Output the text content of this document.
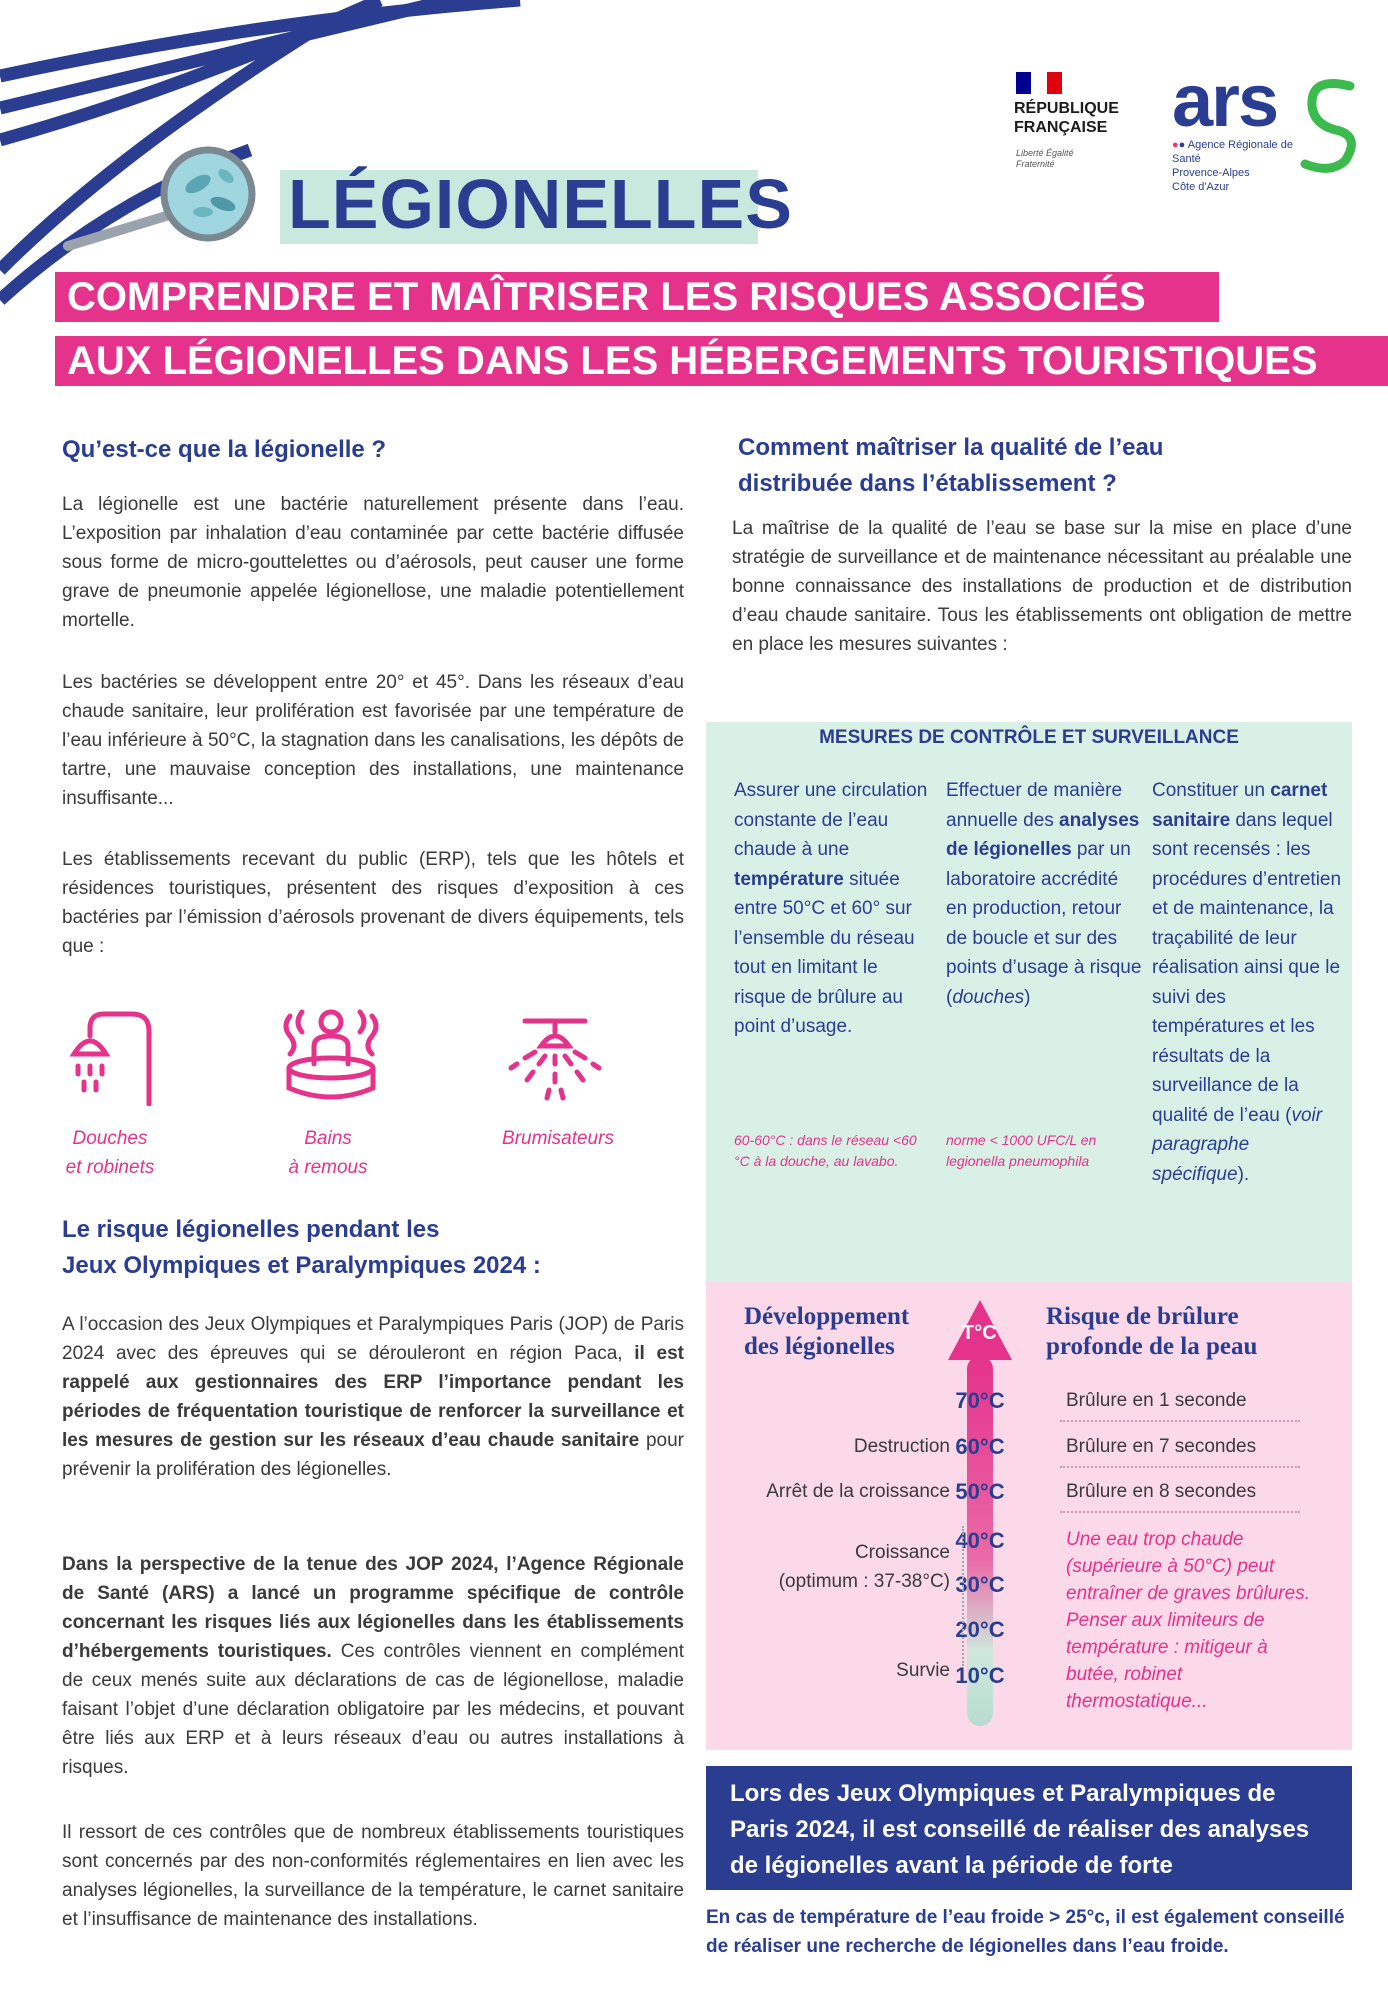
LÉGIONELLES
COMPRENDRE ET MAÎTRISER LES RISQUES ASSOCIÉS
AUX LÉGIONELLES DANS LES HÉBERGEMENTS TOURISTIQUES
RÉPUBLIQUE
FRANÇAISE
Liberté Égalité Fraternité
ars
●● Agence Régionale de Santé
Provence-Alpes
Côte d'Azur
Qu’est-ce que la légionelle ?
La légionelle est une bactérie naturellement présente dans l’eau. L’exposition par inhalation d’eau contaminée par cette bactérie diffusée sous forme de micro-gouttelettes ou d’aérosols, peut causer une forme grave de pneumonie appelée légionellose, une maladie potentiellement mortelle.
Les bactéries se développent entre 20° et 45°. Dans les réseaux d’eau chaude sanitaire, leur prolifération est favorisée par une température de l’eau inférieure à 50°C, la stagnation dans les canalisations, les dépôts de tartre, une mauvaise conception des installations, une maintenance insuffisante...
Les établissements recevant du public (ERP), tels que les hôtels et résidences touristiques, présentent des risques d’exposition à ces bactéries par l’émission d’aérosols provenant de divers équipements, tels que :
Douches
et robinets
Bains
à remous
Brumisateurs
Le risque légionelles pendant les
Jeux Olympiques et Paralympiques 2024 :
A l’occasion des Jeux Olympiques et Paralympiques Paris (JOP) de Paris 2024 avec des épreuves qui se dérouleront en région Paca, il est rappelé aux gestionnaires des ERP l’importance pendant les périodes de fréquentation touristique de renforcer la surveillance et les mesures de gestion sur les réseaux d’eau chaude sanitaire pour prévenir la prolifération des légionelles.
Dans la perspective de la tenue des JOP 2024, l’Agence Régionale de Santé (ARS) a lancé un programme spécifique de contrôle concernant les risques liés aux légionelles dans les établissements d’hébergements touristiques. Ces contrôles viennent en complément de ceux menés suite aux déclarations de cas de légionellose, maladie faisant l’objet d’une déclaration obligatoire par les médecins, et pouvant être liés aux ERP et à leurs réseaux d’eau ou autres installations à risques.
Il ressort de ces contrôles que de nombreux établissements touristiques sont concernés par des non-conformités réglementaires en lien avec les analyses légionelles, la surveillance de la température, le carnet sanitaire et l’insuffisance de maintenance des installations.
Comment maîtriser la qualité de l’eau
distribuée dans l’établissement ?
La maîtrise de la qualité de l’eau se base sur la mise en place d’une stratégie de surveillance et de maintenance nécessitant au préalable une bonne connaissance des installations de production et de distribution d’eau chaude sanitaire. Tous les établissements ont obligation de mettre en place les mesures suivantes :
MESURES DE CONTRÔLE ET SURVEILLANCE
Assurer une circulation constante de l’eau chaude à une température située entre 50°C et 60° sur l’ensemble du réseau tout en limitant le risque de brûlure au point d’usage.
60-60°C : dans le réseau <60 °C à la douche, au lavabo.
Effectuer de manière annuelle des analyses de légionelles par un laboratoire accrédité en production, retour de boucle et sur des points d’usage à risque (douches)
norme < 1000 UFC/L en legionella pneumophila
Constituer un carnet sanitaire dans lequel sont recensés : les procédures d’entretien et de maintenance, la traçabilité de leur réalisation ainsi que le suivi des températures et les résultats de la surveillance de la qualité de l’eau (voir paragraphe spécifique).
Développement
des légionelles
Risque de brûlure
profonde de la peau
T°C
70°C
60°C
50°C
40°C
30°C
20°C
10°C
Destruction
Arrêt de la croissance
Croissance
(optimum : 37-38°C)
Survie
Brûlure en 1 seconde
Brûlure en 7 secondes
Brûlure en 8 secondes
Une eau trop chaude (supérieure à 50°C) peut entraîner de graves brûlures. Penser aux limiteurs de température : mitigeur à butée, robinet thermostatique...
Lors des Jeux Olympiques et Paralympiques de Paris 2024, il est conseillé de réaliser des analyses de légionelles avant la période de forte fréquentation.
En cas de température de l’eau froide > 25°c, il est également conseillé de réaliser une recherche de légionelles dans l’eau froide.
